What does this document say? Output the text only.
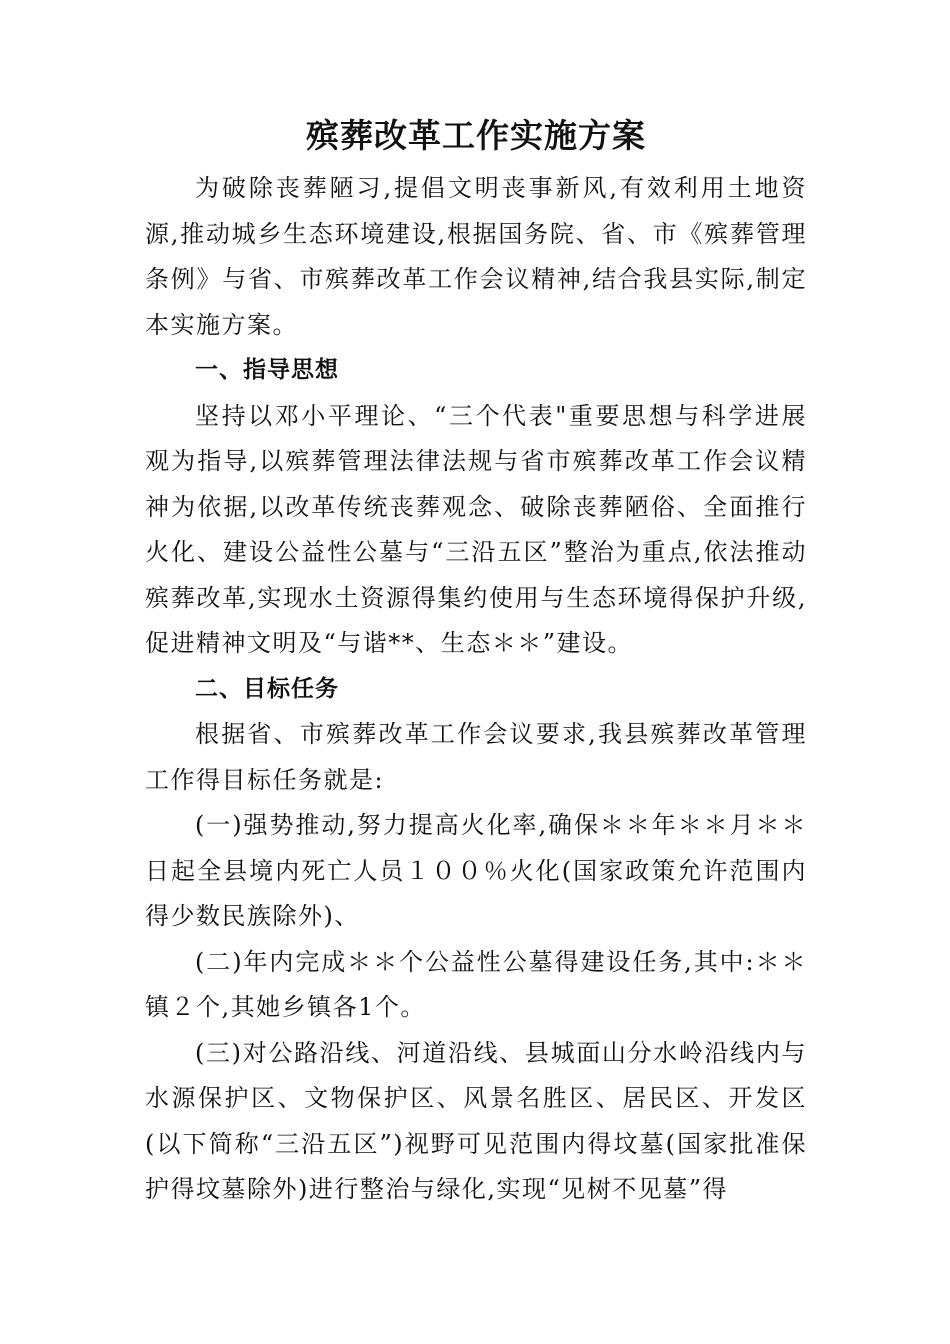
殡葬改革工作实施方案

为破除丧葬陋习,提倡文明丧事新风,有效利用土地资源,推动城乡生态环境建设,根据国务院、省、市《殡葬管理条例》与省、市殡葬改革工作会议精神,结合我县实际,制定本实施方案。

一、指导思想

坚持以邓小平理论、“三个代表"重要思想与科学进展观为指导,以殡葬管理法律法规与省市殡葬改革工作会议精神为依据,以改革传统丧葬观念、破除丧葬陋俗、全面推行火化、建设公益性公墓与“三沿五区”整治为重点,依法推动殡葬改革,实现水土资源得集约使用与生态环境得保护升级,促进精神文明及“与谐**、生态＊＊”建设。

二、目标任务

根据省、市殡葬改革工作会议要求,我县殡葬改革管理工作得目标任务就是:

(一)强势推动,努力提高火化率,确保＊＊年＊＊月＊＊日起全县境内死亡人员１００％火化(国家政策允许范围内得少数民族除外)、

(二)年内完成＊＊个公益性公墓得建设任务,其中:＊＊镇２个,其她乡镇各1个。

(三)对公路沿线、河道沿线、县城面山分水岭沿线内与水源保护区、文物保护区、风景名胜区、居民区、开发区(以下简称“三沿五区”)视野可见范围内得坟墓(国家批准保护得坟墓除外)进行整治与绿化,实现“见树不见墓”得
